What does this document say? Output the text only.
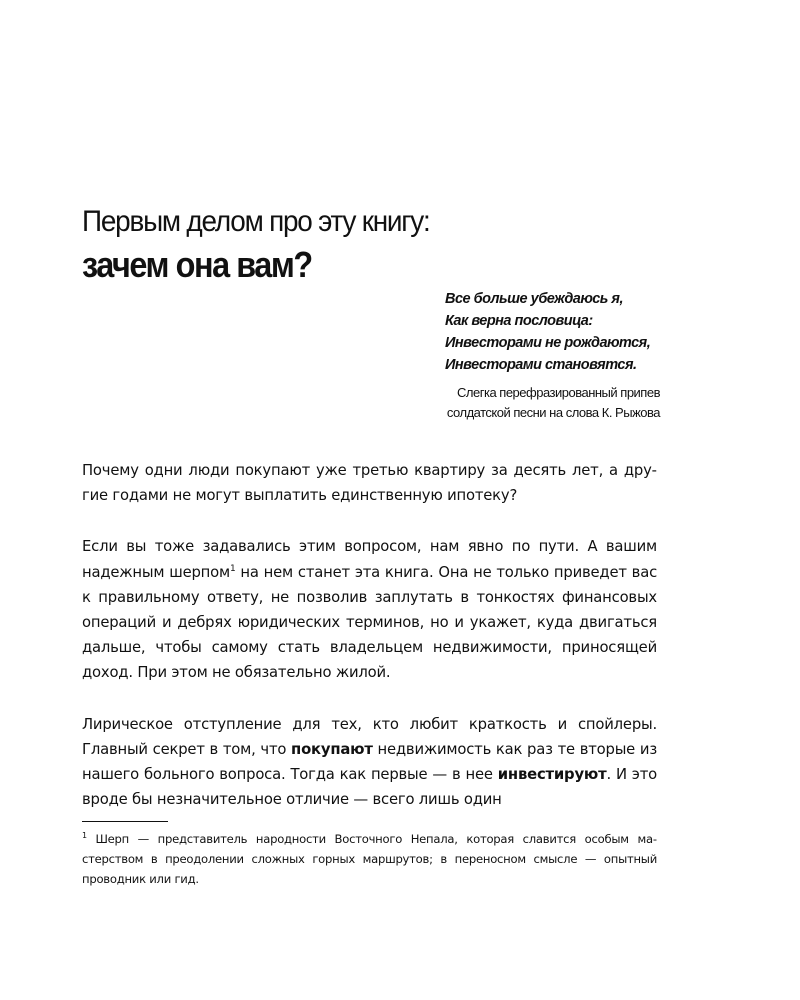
Первым делом про эту книгу:
зачем она вам?
Все больше убеждаюсь я,
Как верна пословица:
Инвесторами не рождаются,
Инвесторами становятся.
Слегка перефразированный припев
солдатской песни на слова К. Рыжова

Почему одни люди покупают уже третью квартиру за десять лет, а другие годами не могут выплатить единственную ипотеку?

Если вы тоже задавались этим вопросом, нам явно по пути. А вашим надежным шерпом$^1$ на нем станет эта книга. Она не только приведет вас к правильному ответу, не позволив заплутать в тонкостях финансовых операций и дебрях юридических терминов, но и укажет, куда двигаться дальше, чтобы самому стать владельцем недвижимости, приносящей доход. При этом не обязательно жилой.

Лирическое отступление для тех, кто любит краткость и спойлеры. Главный секрет в том, что покупают недвижимость как раз те вторые из нашего больного вопроса. Тогда как первые — в нее инвестируют. И это вроде бы незначительное отличие — всего лишь один

$^1$ Шерп — представитель народности Восточного Непала, которая славится особым мастерством в преодолении сложных горных маршрутов; в переносном смысле — опытный проводник или гид.
